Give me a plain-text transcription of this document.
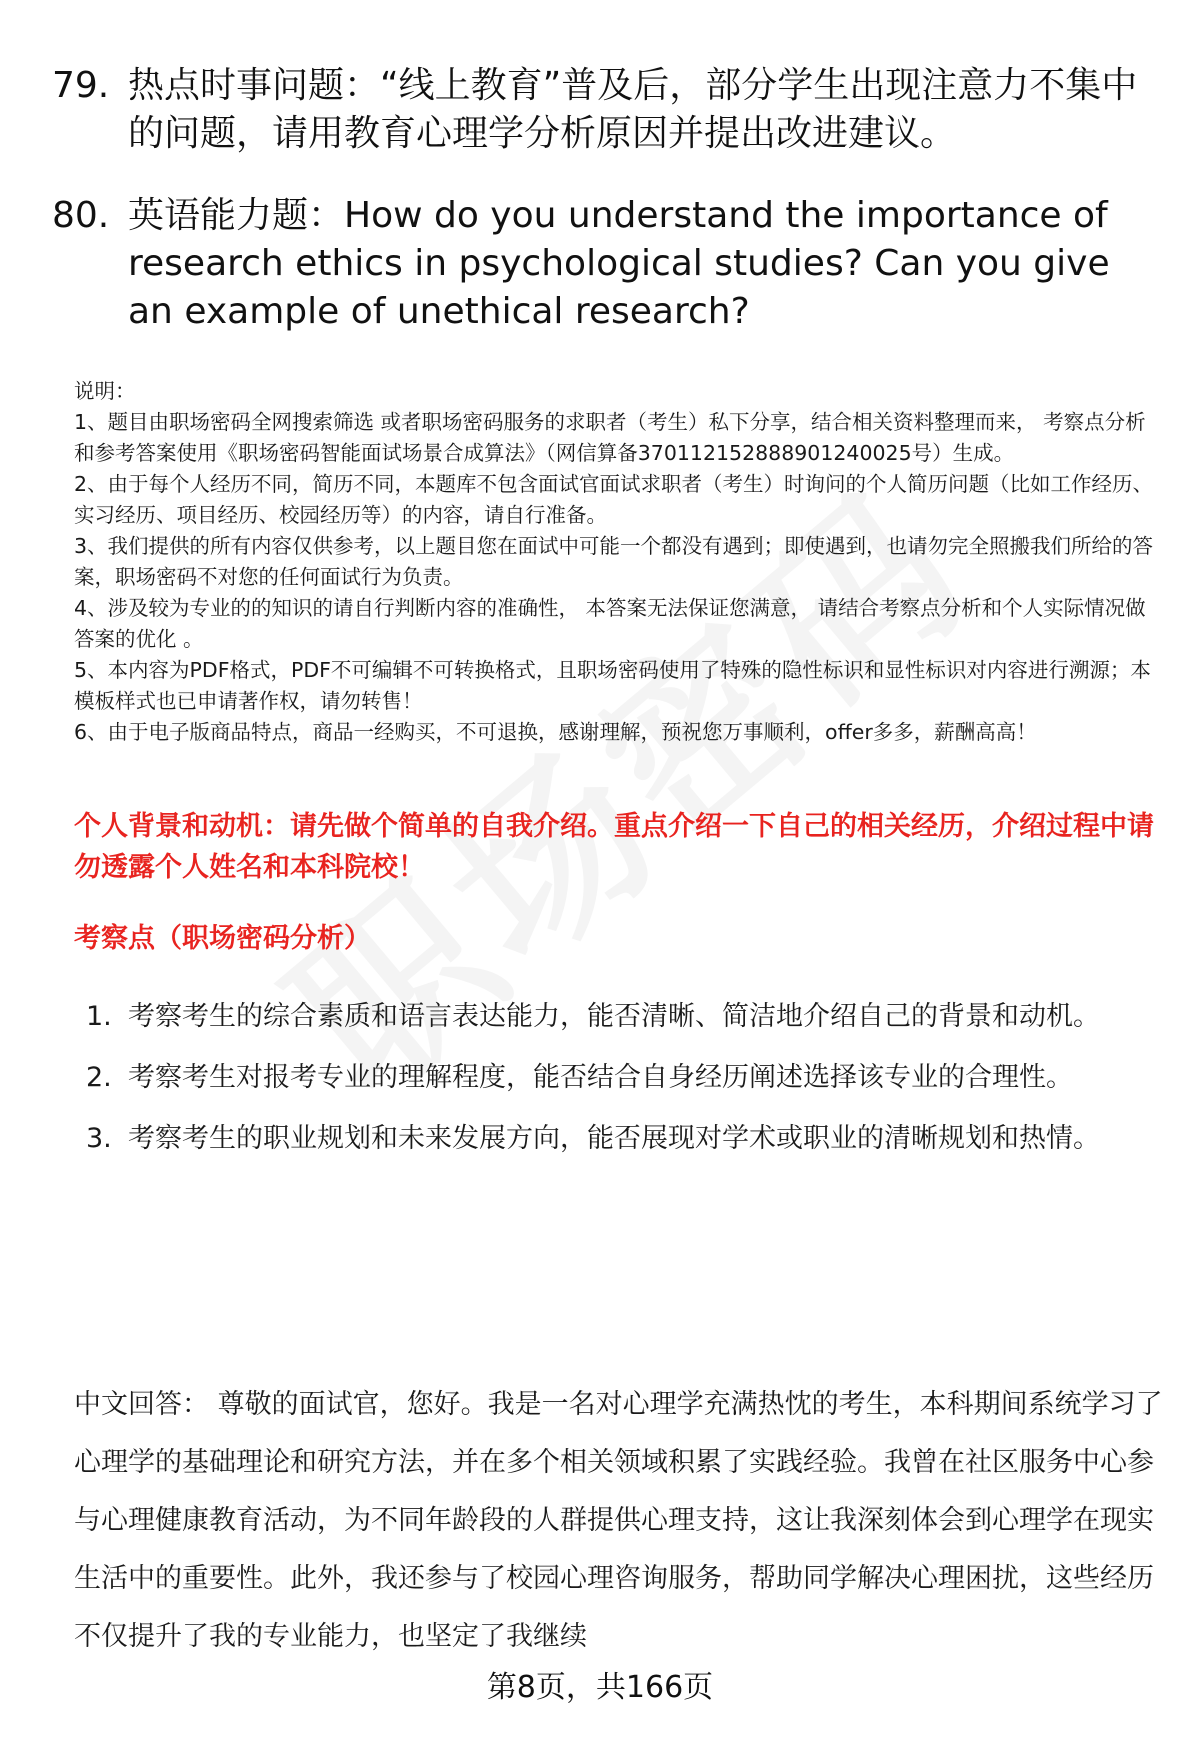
79. 热点时事问题：“线上教育”普及后，部分学生出现注意力不集中的问题，请用教育心理学分析原因并提出改进建议。
80. 英语能力题：How do you understand the importance of research ethics in psychological studies? Can you give an example of unethical research?
说明：
1、题目由职场密码全网搜索筛选 或者职场密码服务的求职者（考生）私下分享，结合相关资料整理而来， 考察点分析和参考答案使用《职场密码智能面试场景合成算法》（网信算备370112152888901240025号）生成。
2、由于每个人经历不同，简历不同，本题库不包含面试官面试求职者（考生）时询问的个人简历问题（比如工作经历、实习经历、项目经历、校园经历等）的内容，请自行准备。
3、我们提供的所有内容仅供参考，以上题目您在面试中可能一个都没有遇到；即使遇到，也请勿完全照搬我们所给的答案，职场密码不对您的任何面试行为负责。
4、涉及较为专业的的知识的请自行判断内容的准确性， 本答案无法保证您满意， 请结合考察点分析和个人实际情况做答案的优化 。
5、本内容为PDF格式，PDF不可编辑不可转换格式，且职场密码使用了特殊的隐性标识和显性标识对内容进行溯源；本模板样式也已申请著作权，请勿转售！
6、由于电子版商品特点，商品一经购买，不可退换，感谢理解，预祝您万事顺利，offer多多，薪酬高高！
个人背景和动机：请先做个简单的自我介绍。重点介绍一下自己的相关经历，介绍过程中请勿透露个人姓名和本科院校！
考察点（职场密码分析）
1. 考察考生的综合素质和语言表达能力，能否清晰、简洁地介绍自己的背景和动机。
2. 考察考生对报考专业的理解程度，能否结合自身经历阐述选择该专业的合理性。
3. 考察考生的职业规划和未来发展方向，能否展现对学术或职业的清晰规划和热情。
中文回答： 尊敬的面试官，您好。我是一名对心理学充满热忱的考生，本科期间系统学习了心理学的基础理论和研究方法，并在多个相关领域积累了实践经验。我曾在社区服务中心参与心理健康教育活动，为不同年龄段的人群提供心理支持，这让我深刻体会到心理学在现实生活中的重要性。此外，我还参与了校园心理咨询服务，帮助同学解决心理困扰，这些经历不仅提升了我的专业能力，也坚定了我继续
第8页，共166页
